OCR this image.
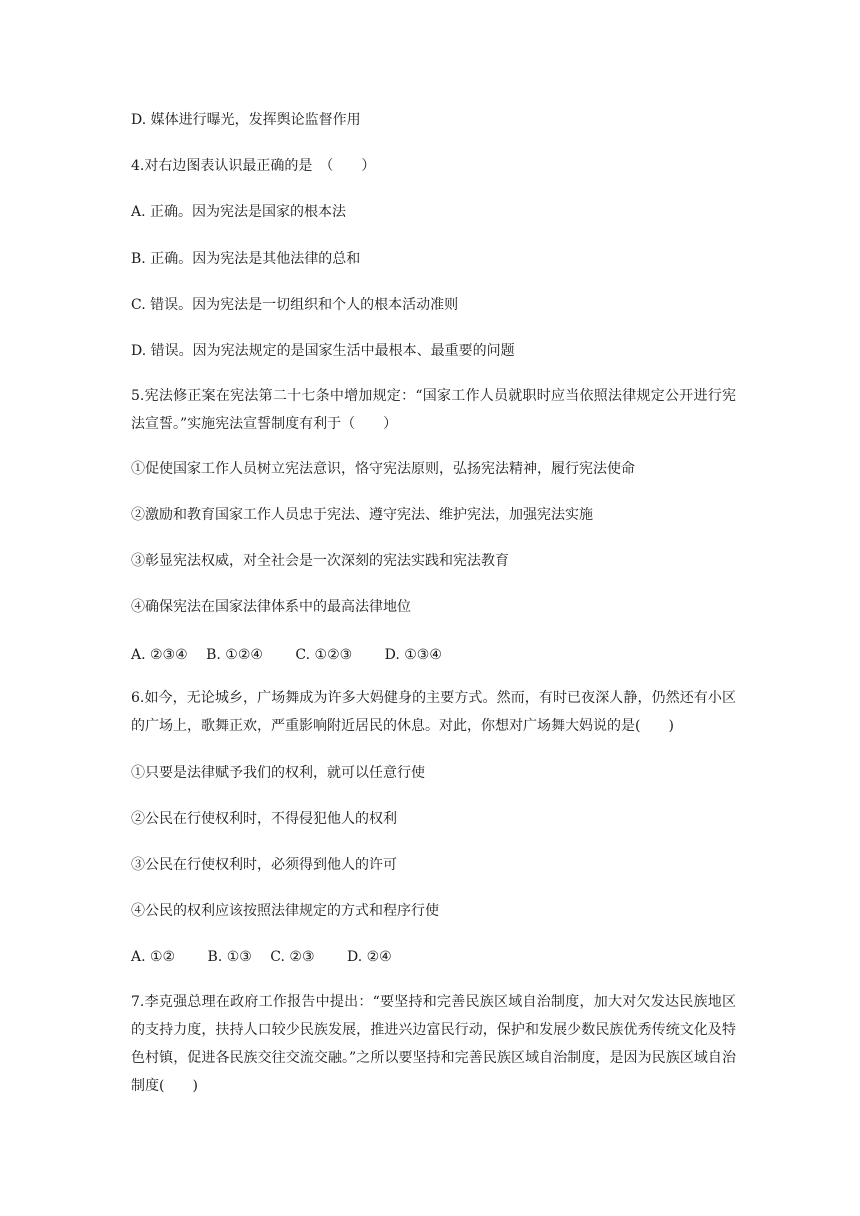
D. 媒体进行曝光，发挥舆论监督作用
4.对右边图表认识最正确的是　（　　）
A. 正确。因为宪法是国家的根本法
B. 正确。因为宪法是其他法律的总和
C. 错误。因为宪法是一切组织和个人的根本活动准则
D. 错误。因为宪法规定的是国家生活中最根本、最重要的问题
5.宪法修正案在宪法第二十七条中增加规定：“国家工作人员就职时应当依照法律规定公开进行宪法宣誓。”实施宪法宣誓制度有利于（　　）
①促使国家工作人员树立宪法意识，恪守宪法原则，弘扬宪法精神，履行宪法使命
②激励和教育国家工作人员忠于宪法、遵守宪法、维护宪法，加强宪法实施
③彰显宪法权威，对全社会是一次深刻的宪法实践和宪法教育
④确保宪法在国家法律体系中的最高法律地位
A. ②③④　 B. ①②④　　 C. ①②③　　 D. ①③④
6.如今，无论城乡，广场舞成为许多大妈健身的主要方式。然而，有时已夜深人静，仍然还有小区的广场上，歌舞正欢，严重影响附近居民的休息。对此，你想对广场舞大妈说的是(　　)
①只要是法律赋予我们的权利，就可以任意行使
②公民在行使权利时，不得侵犯他人的权利
③公民在行使权利时，必须得到他人的许可
④公民的权利应该按照法律规定的方式和程序行使
A. ①②　　 B. ①③　 C. ②③　　 D. ②④
7.李克强总理在政府工作报告中提出：“要坚持和完善民族区域自治制度，加大对欠发达民族地区的支持力度，扶持人口较少民族发展，推进兴边富民行动，保护和发展少数民族优秀传统文化及特色村镇，促进各民族交往交流交融。”之所以要坚持和完善民族区域自治制度，是因为民族区域自治制度(　　)
